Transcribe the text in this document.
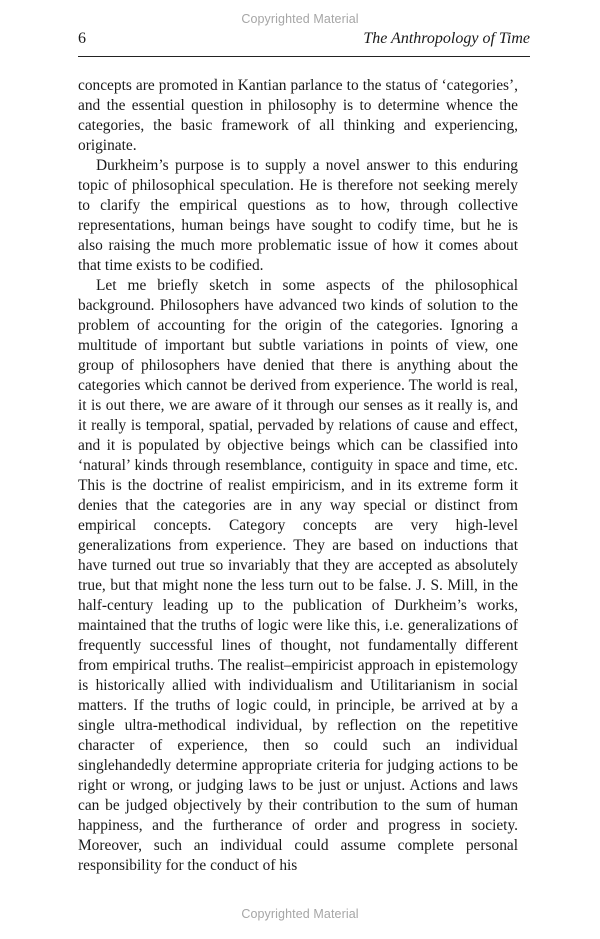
Copyrighted Material
6	The Anthropology of Time

concepts are promoted in Kantian parlance to the status of ‘categories’, and the essential question in philosophy is to determine whence the categories, the basic framework of all thinking and experiencing, originate.

Durkheim’s purpose is to supply a novel answer to this enduring topic of philosophical speculation. He is therefore not seeking merely to clarify the empirical questions as to how, through collective representations, human beings have sought to codify time, but he is also raising the much more problematic issue of how it comes about that time exists to be codified.

Let me briefly sketch in some aspects of the philosophical background. Philosophers have advanced two kinds of solution to the problem of accounting for the origin of the categories. Ignoring a multitude of important but subtle variations in points of view, one group of philosophers have denied that there is anything about the categories which cannot be derived from experience. The world is real, it is out there, we are aware of it through our senses as it really is, and it really is temporal, spatial, pervaded by relations of cause and effect, and it is populated by objective beings which can be classified into ‘natural’ kinds through resemblance, contiguity in space and time, etc. This is the doctrine of realist empiricism, and in its extreme form it denies that the categories are in any way special or distinct from empirical concepts. Category concepts are very high-level generalizations from experience. They are based on inductions that have turned out true so invariably that they are accepted as absolutely true, but that might none the less turn out to be false. J. S. Mill, in the half-century leading up to the publication of Durkheim’s works, maintained that the truths of logic were like this, i.e. generalizations of frequently successful lines of thought, not fundamentally different from empirical truths. The realist–empiricist approach in epistemology is historically allied with individualism and Utilitarianism in social matters. If the truths of logic could, in principle, be arrived at by a single ultra-methodical individual, by reflection on the repetitive character of experience, then so could such an individual singlehandedly determine appropriate criteria for judging actions to be right or wrong, or judging laws to be just or unjust. Actions and laws can be judged objectively by their contribution to the sum of human happiness, and the furtherance of order and progress in society. Moreover, such an individual could assume complete personal responsibility for the conduct of his

Copyrighted Material
